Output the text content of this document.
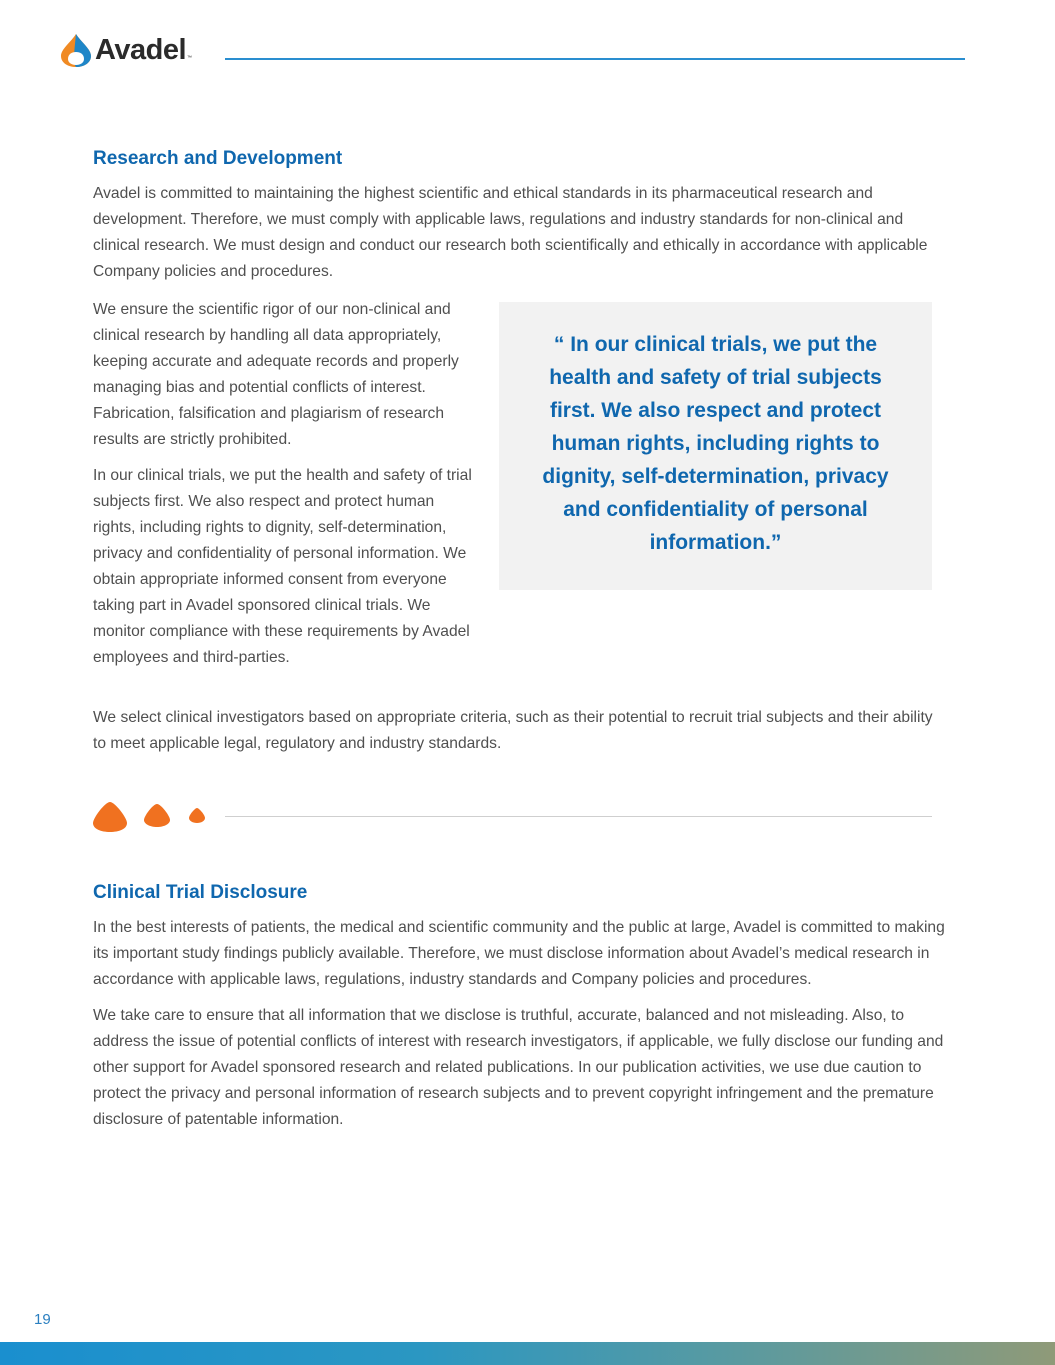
Avadel ™
Research and Development

Avadel is committed to maintaining the highest scientific and ethical standards in its pharmaceutical research and development. Therefore, we must comply with applicable laws, regulations and industry standards for non-clinical and clinical research. We must design and conduct our research both scientifically and ethically in accordance with applicable Company policies and procedures.

We ensure the scientific rigor of our non-clinical and clinical research by handling all data appropriately, keeping accurate and adequate records and properly managing bias and potential conflicts of interest. Fabrication, falsification and plagiarism of research results are strictly prohibited.

In our clinical trials, we put the health and safety of trial subjects first. We also respect and protect human rights, including rights to dignity, self-determination, privacy and confidentiality of personal information. We obtain appropriate informed consent from everyone taking part in Avadel sponsored clinical trials. We monitor compliance with these requirements by Avadel employees and third-parties.

“ In our clinical trials, we put the health and safety of trial subjects first. We also respect and protect human rights, including rights to dignity, self-determination, privacy and confidentiality of personal information.”

We select clinical investigators based on appropriate criteria, such as their potential to recruit trial subjects and their ability to meet applicable legal, regulatory and industry standards.

Clinical Trial Disclosure

In the best interests of patients, the medical and scientific community and the public at large, Avadel is committed to making its important study findings publicly available. Therefore, we must disclose information about Avadel’s medical research in accordance with applicable laws, regulations, industry standards and Company policies and procedures.

We take care to ensure that all information that we disclose is truthful, accurate, balanced and not misleading. Also, to address the issue of potential conflicts of interest with research investigators, if applicable, we fully disclose our funding and other support for Avadel sponsored research and related publications. In our publication activities, we use due caution to protect the privacy and personal information of research subjects and to prevent copyright infringement and the premature disclosure of patentable information.

19
